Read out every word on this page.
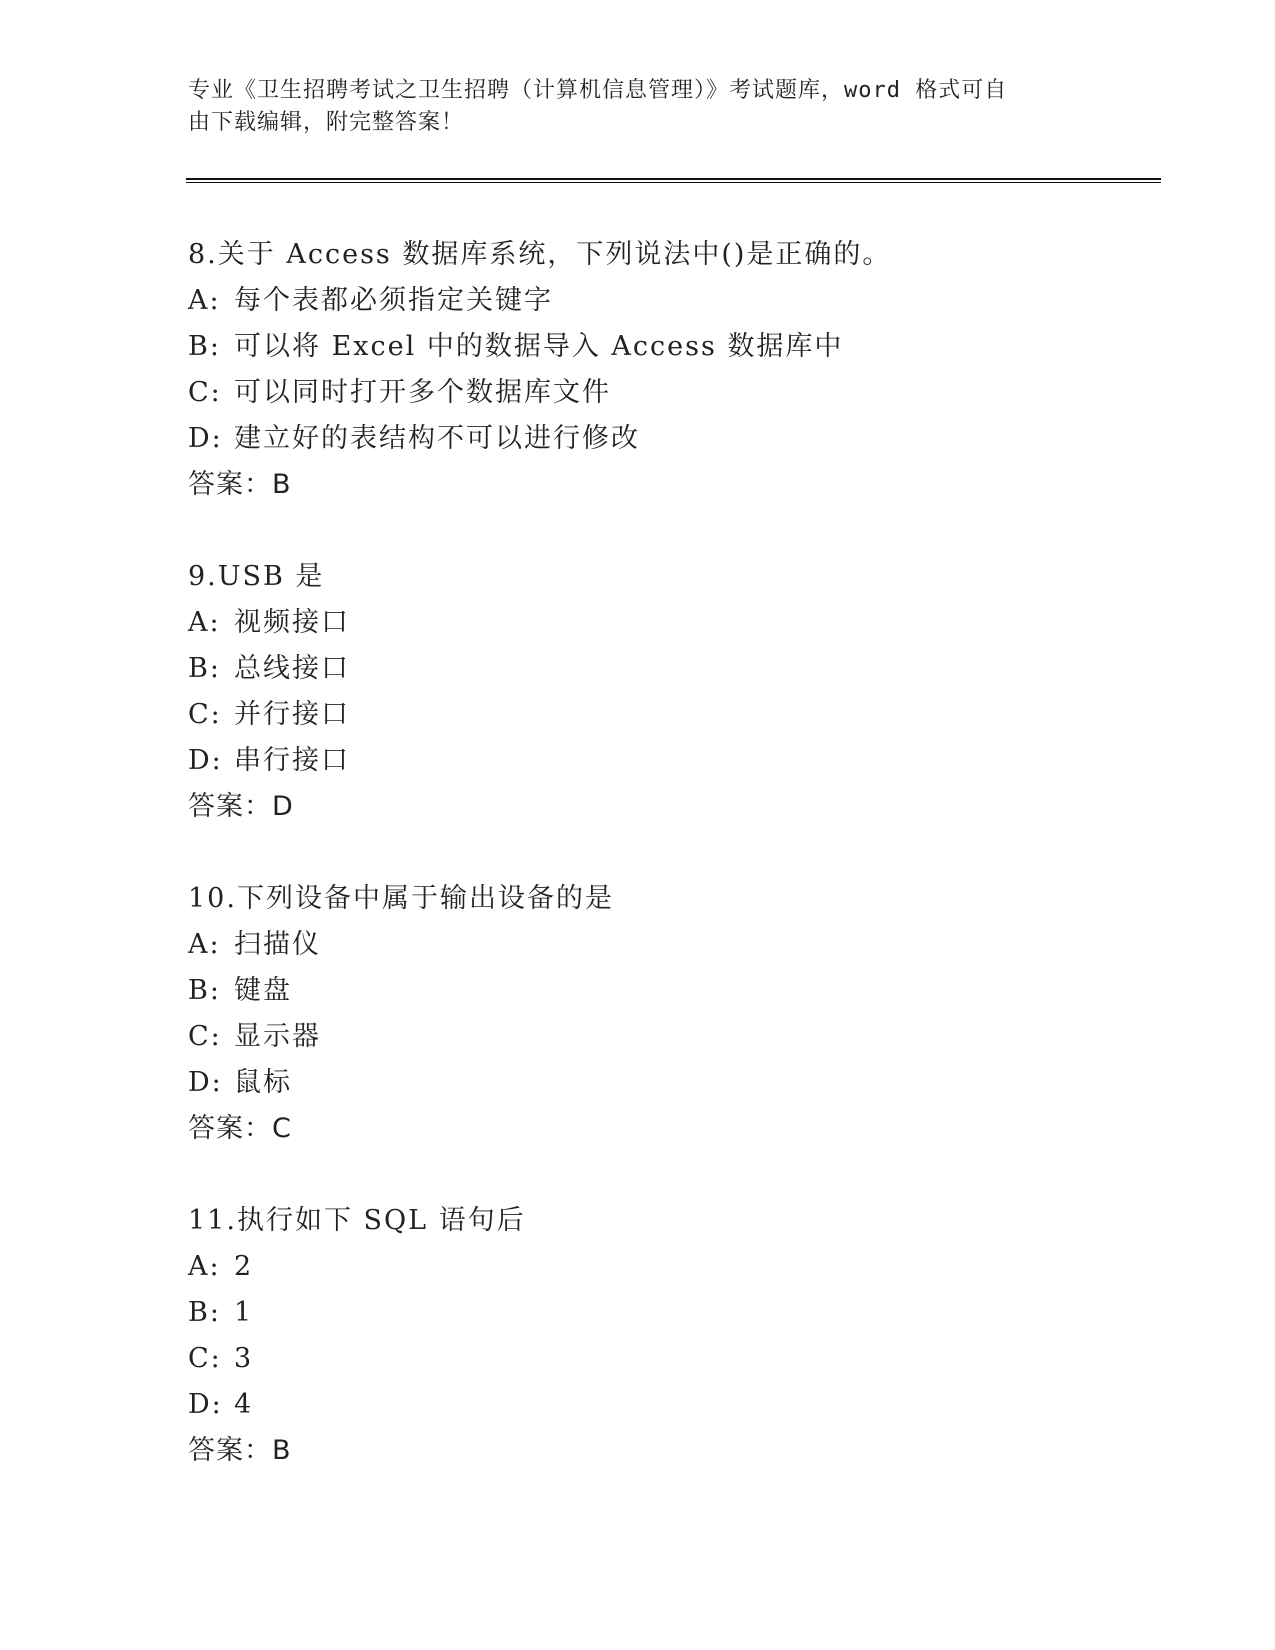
专业《卫生招聘考试之卫生招聘（计算机信息管理）》考试题库，word 格式可自
由下载编辑，附完整答案！
8.关于 Access 数据库系统，下列说法中()是正确的。
A: 每个表都必须指定关键字
B: 可以将 Excel 中的数据导入 Access 数据库中
C: 可以同时打开多个数据库文件
D: 建立好的表结构不可以进行修改
答案：B
9.USB 是
A: 视频接口
B: 总线接口
C: 并行接口
D: 串行接口
答案：D
10.下列设备中属于输出设备的是
A: 扫描仪
B: 键盘
C: 显示器
D: 鼠标
答案：C
11.执行如下 SQL 语句后
A: 2
B: 1
C: 3
D: 4
答案：B
